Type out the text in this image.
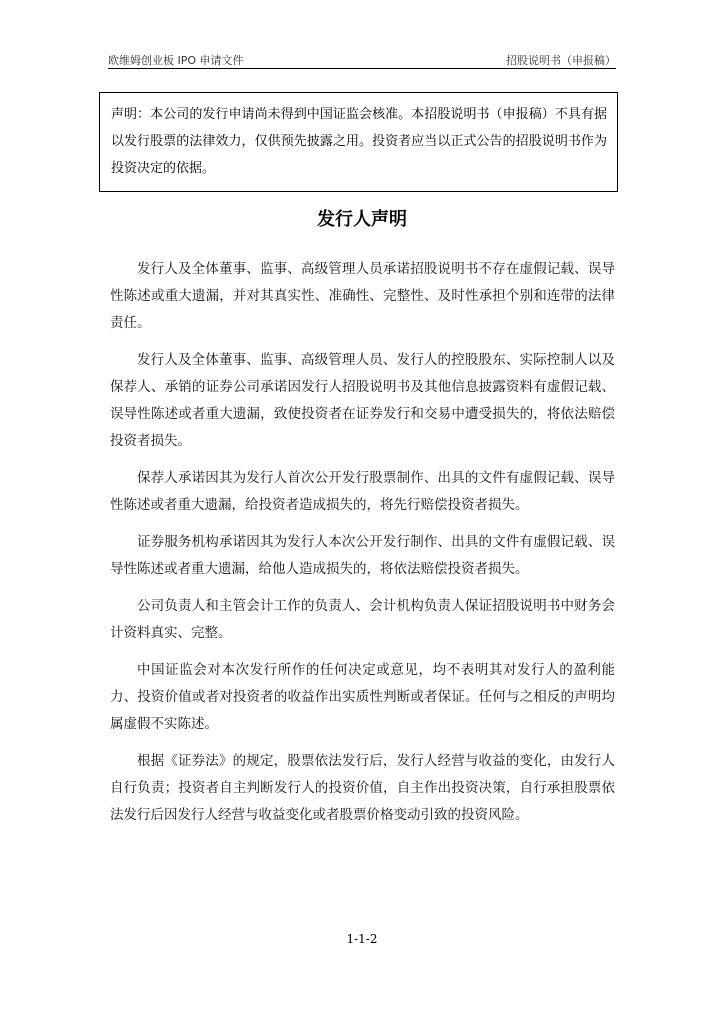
欧维姆创业板 IPO 申请文件	招股说明书（申报稿）
声明：本公司的发行申请尚未得到中国证监会核准。本招股说明书（申报稿）不具有据以发行股票的法律效力，仅供预先披露之用。投资者应当以正式公告的招股说明书作为投资决定的依据。
发行人声明

发行人及全体董事、监事、高级管理人员承诺招股说明书不存在虚假记载、误导性陈述或重大遗漏，并对其真实性、准确性、完整性、及时性承担个别和连带的法律责任。

发行人及全体董事、监事、高级管理人员、发行人的控股股东、实际控制人以及保荐人、承销的证券公司承诺因发行人招股说明书及其他信息披露资料有虚假记载、误导性陈述或者重大遗漏，致使投资者在证券发行和交易中遭受损失的，将依法赔偿投资者损失。

保荐人承诺因其为发行人首次公开发行股票制作、出具的文件有虚假记载、误导性陈述或者重大遗漏，给投资者造成损失的，将先行赔偿投资者损失。

证券服务机构承诺因其为发行人本次公开发行制作、出具的文件有虚假记载、误导性陈述或者重大遗漏，给他人造成损失的，将依法赔偿投资者损失。

公司负责人和主管会计工作的负责人、会计机构负责人保证招股说明书中财务会计资料真实、完整。

中国证监会对本次发行所作的任何决定或意见，均不表明其对发行人的盈利能力、投资价值或者对投资者的收益作出实质性判断或者保证。任何与之相反的声明均属虚假不实陈述。

根据《证券法》的规定，股票依法发行后，发行人经营与收益的变化，由发行人自行负责；投资者自主判断发行人的投资价值，自主作出投资决策，自行承担股票依法发行后因发行人经营与收益变化或者股票价格变动引致的投资风险。

1-1-2
